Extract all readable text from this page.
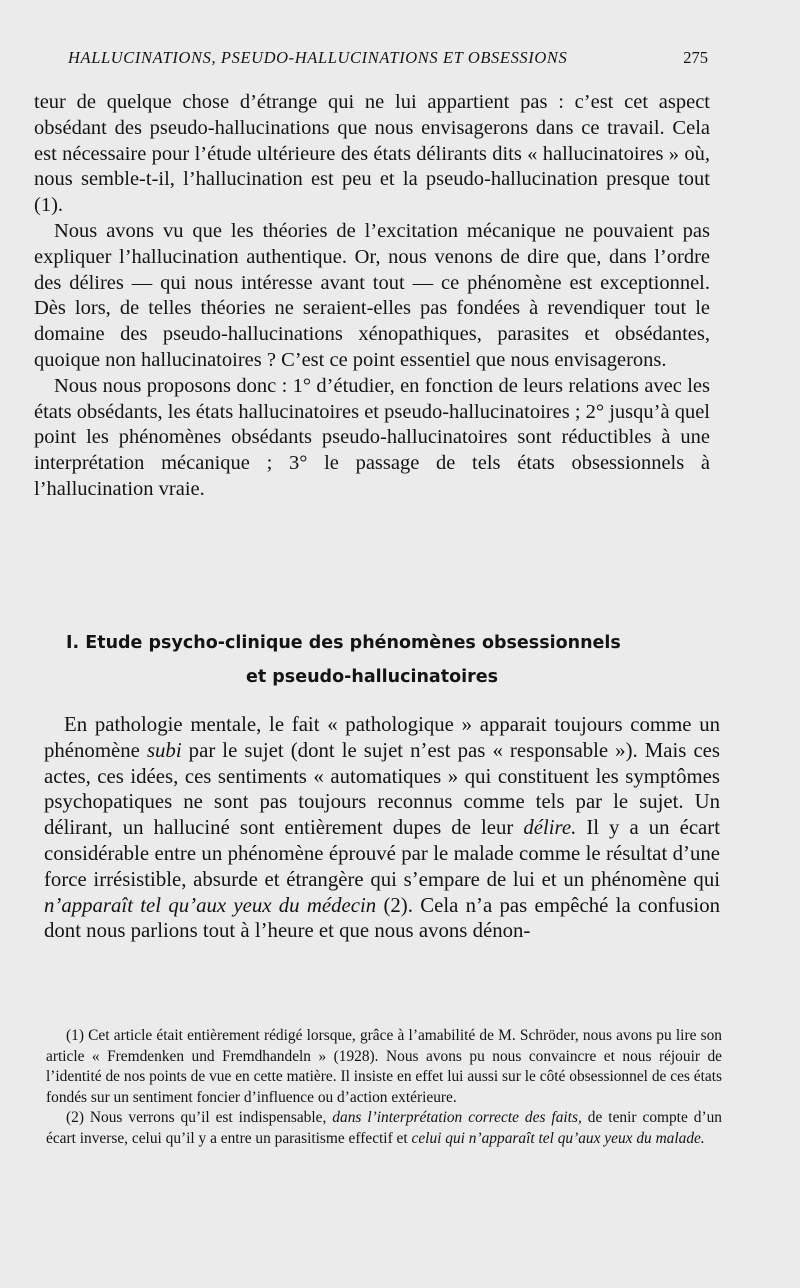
HALLUCINATIONS, PSEUDO-HALLUCINATIONS ET OBSESSIONS	275

teur de quelque chose d’étrange qui ne lui appartient pas : c’est cet aspect obsédant des pseudo-hallucinations que nous envisagerons dans ce travail. Cela est nécessaire pour l’étude ultérieure des états délirants dits « hallucinatoires » où, nous semble-t-il, l’hallucination est peu et la pseudo-hallucination presque tout (1).

Nous avons vu que les théories de l’excitation mécanique ne pouvaient pas expliquer l’hallucination authentique. Or, nous venons de dire que, dans l’ordre des délires — qui nous intéresse avant tout — ce phénomène est exceptionnel. Dès lors, de telles théories ne seraient-elles pas fondées à revendiquer tout le domaine des pseudo-hallucinations xénopathiques, parasites et obsédantes, quoique non hallucinatoires ? C’est ce point essentiel que nous envisagerons.

Nous nous proposons donc : 1° d’étudier, en fonction de leurs relations avec les états obsédants, les états hallucinatoires et pseudo-hallucinatoires ; 2° jusqu’à quel point les phénomènes obsédants pseudo-hallucinatoires sont réductibles à une interprétation mécanique ; 3° le passage de tels états obsessionnels à l’hallucination vraie.

I. Etude psycho-clinique des phénomènes obsessionnels
et pseudo-hallucinatoires

En pathologie mentale, le fait « pathologique » apparait toujours comme un phénomène subi par le sujet (dont le sujet n’est pas « responsable »). Mais ces actes, ces idées, ces sentiments « automatiques » qui constituent les symptômes psychopatiques ne sont pas toujours reconnus comme tels par le sujet. Un délirant, un halluciné sont entièrement dupes de leur délire. Il y a un écart considérable entre un phénomène éprouvé par le malade comme le résultat d’une force irrésistible, absurde et étrangère qui s’empare de lui et un phénomène qui n’apparaît tel qu’aux yeux du médecin (2). Cela n’a pas empêché la confusion dont nous parlions tout à l’heure et que nous avons dénon-

(1) Cet article était entièrement rédigé lorsque, grâce à l’amabilité de M. Schröder, nous avons pu lire son article « Fremdenken und Fremdhandeln » (1928). Nous avons pu nous convaincre et nous réjouir de l’identité de nos points de vue en cette matière. Il insiste en effet lui aussi sur le côté obsessionnel de ces états fondés sur un sentiment foncier d’influence ou d’action extérieure.

(2) Nous verrons qu’il est indispensable, dans l’interprétation correcte des faits, de tenir compte d’un écart inverse, celui qu’il y a entre un parasitisme effectif et celui qui n’apparaît tel qu’aux yeux du malade.
